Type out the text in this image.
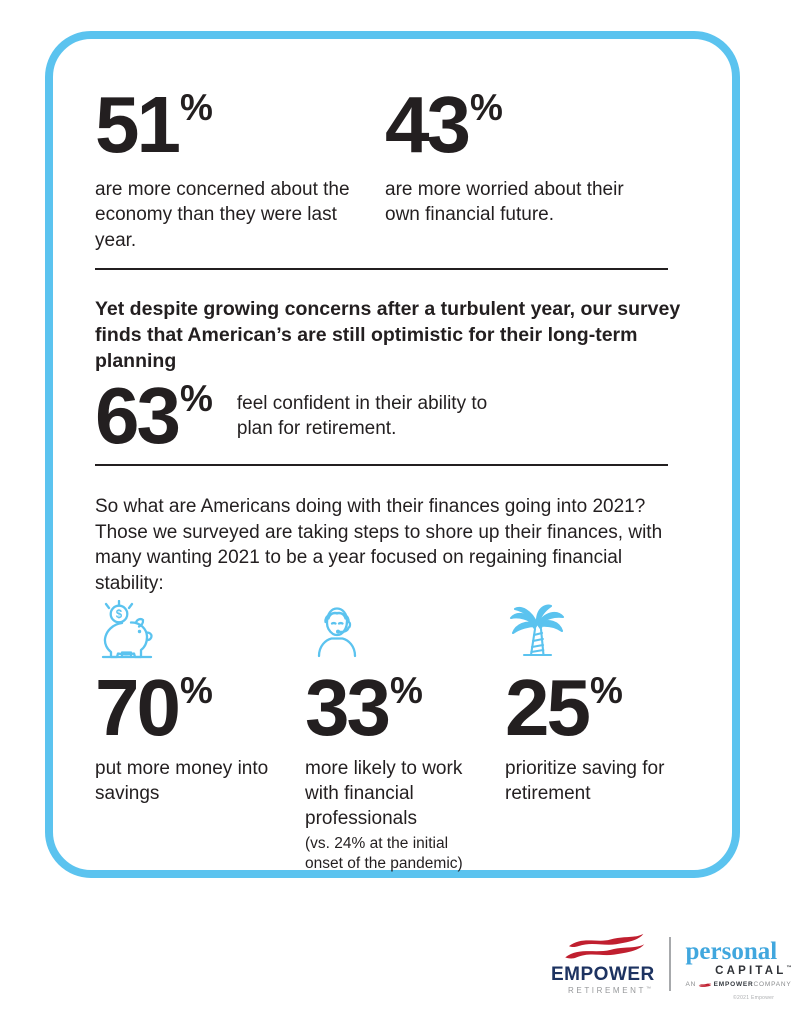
51%
are more concerned about the economy than they were last year.
43%
are more worried about their own financial future.
Yet despite growing concerns after a turbulent year, our survey finds that American’s are still optimistic for their long-term planning
63% feel confident in their ability to plan for retirement.
So what are Americans doing with their finances going into 2021? Those we surveyed are taking steps to shore up their finances, with many wanting 2021 to be a year focused on regaining financial stability:
$
70%
put more money into savings
33%
more likely to work with financial professionals
(vs. 24% at the initial onset of the pandemic)
25%
prioritize saving for retirement
EMPOWER
RETIREMENT™
personal
CAPITAL™
AN	EMPOWER COMPANY
©2021 Empower
